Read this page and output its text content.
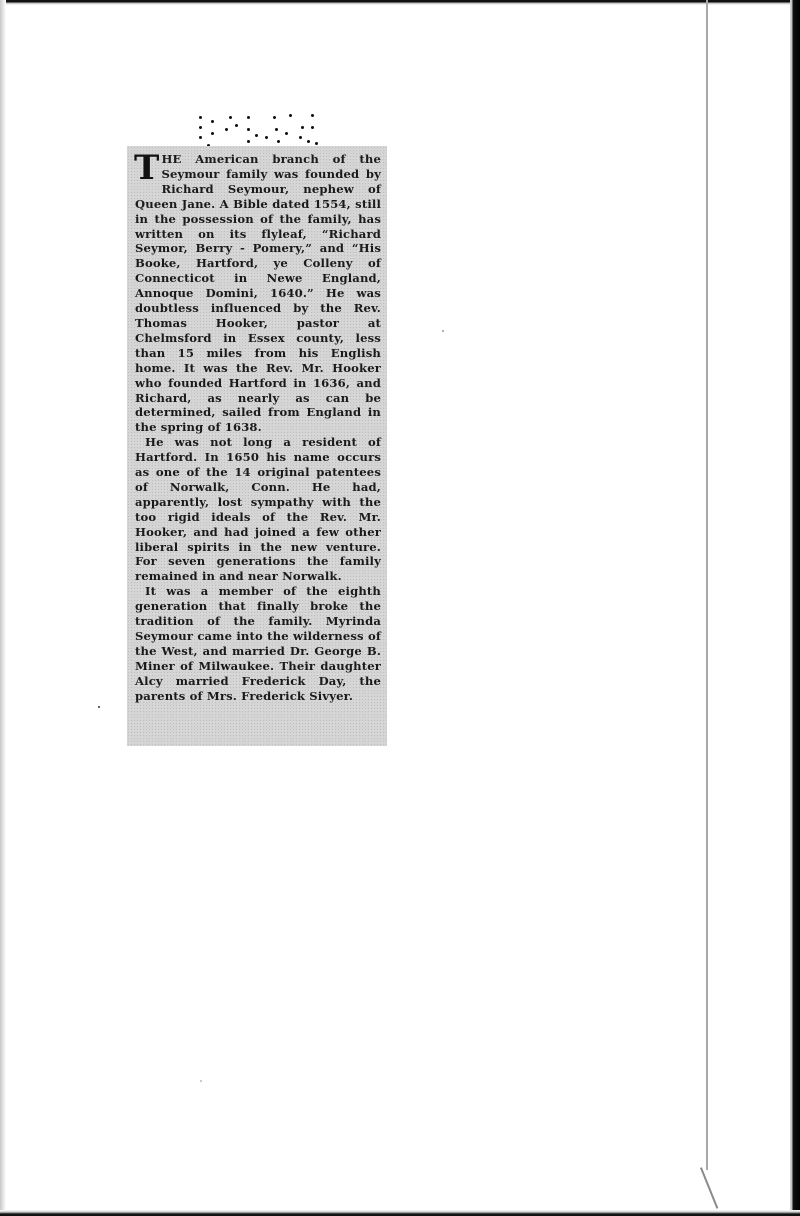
THE American branch of the Seymour family was founded by Richard Seymour, nephew of Queen Jane. A Bible dated 1554, still in the possession of the family, has written on its flyleaf, “Richard Seymor, Berry - Pomery,” and “His Booke, Hartford, ye Colleny of Connecticot in Newe England, Annoque Domini, 1640.” He was doubtless influenced by the Rev. Thomas Hooker, pastor at Chelmsford in Essex county, less than 15 miles from his English home. It was the Rev. Mr. Hooker who founded Hartford in 1636, and Richard, as nearly as can be determined, sailed from England in the spring of 1638.

He was not long a resident of Hartford. In 1650 his name occurs as one of the 14 original patentees of Norwalk, Conn. He had, apparently, lost sympathy with the too rigid ideals of the Rev. Mr. Hooker, and had joined a few other liberal spirits in the new venture. For seven generations the family remained in and near Norwalk.

It was a member of the eighth generation that finally broke the tradition of the family. Myrinda Seymour came into the wilderness of the West, and married Dr. George B. Miner of Milwaukee. Their daughter Alcy married Frederick Day, the parents of Mrs. Frederick Sivyer.
